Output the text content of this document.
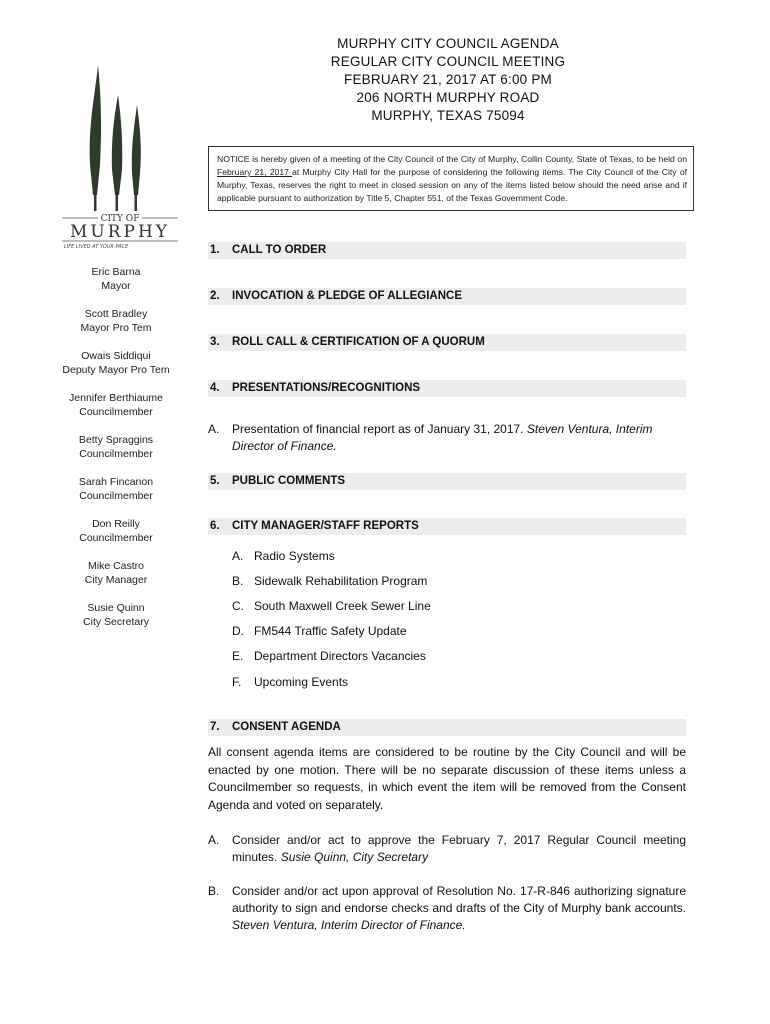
CITY OF
MURPHY
LIFE LIVED AT YOUR PACE
Eric Barna
Mayor
Scott Bradley
Mayor Pro Tem
Owais Siddiqui
Deputy Mayor Pro Tem
Jennifer Berthiaume
Councilmember
Betty Spraggins
Councilmember
Sarah Fincanon
Councilmember
Don Reilly
Councilmember
Mike Castro
City Manager
Susie Quinn
City Secretary
MURPHY CITY COUNCIL AGENDA
REGULAR CITY COUNCIL MEETING
FEBRUARY 21, 2017 AT 6:00 PM
206 NORTH MURPHY ROAD
MURPHY, TEXAS 75094
NOTICE is hereby given of a meeting of the City Council of the City of Murphy, Collin County, State of Texas, to be held on February 21, 2017 at Murphy City Hall for the purpose of considering the following items. The City Council of the City of Murphy, Texas, reserves the right to meet in closed session on any of the items listed below should the need arise and if applicable pursuant to authorization by Title 5, Chapter 551, of the Texas Government Code.
1. CALL TO ORDER
2. INVOCATION & PLEDGE OF ALLEGIANCE
3. ROLL CALL & CERTIFICATION OF A QUORUM
4. PRESENTATIONS/RECOGNITIONS
A. Presentation of financial report as of January 31, 2017. Steven Ventura, Interim Director of Finance.
5. PUBLIC COMMENTS
6. CITY MANAGER/STAFF REPORTS
A. Radio Systems
B. Sidewalk Rehabilitation Program
C. South Maxwell Creek Sewer Line
D. FM544 Traffic Safety Update
E. Department Directors Vacancies
F. Upcoming Events
7. CONSENT AGENDA
All consent agenda items are considered to be routine by the City Council and will be enacted by one motion. There will be no separate discussion of these items unless a Councilmember so requests, in which event the item will be removed from the Consent Agenda and voted on separately.
A. Consider and/or act to approve the February 7, 2017 Regular Council meeting minutes. Susie Quinn, City Secretary
B. Consider and/or act upon approval of Resolution No. 17-R-846 authorizing signature authority to sign and endorse checks and drafts of the City of Murphy bank accounts. Steven Ventura, Interim Director of Finance.
